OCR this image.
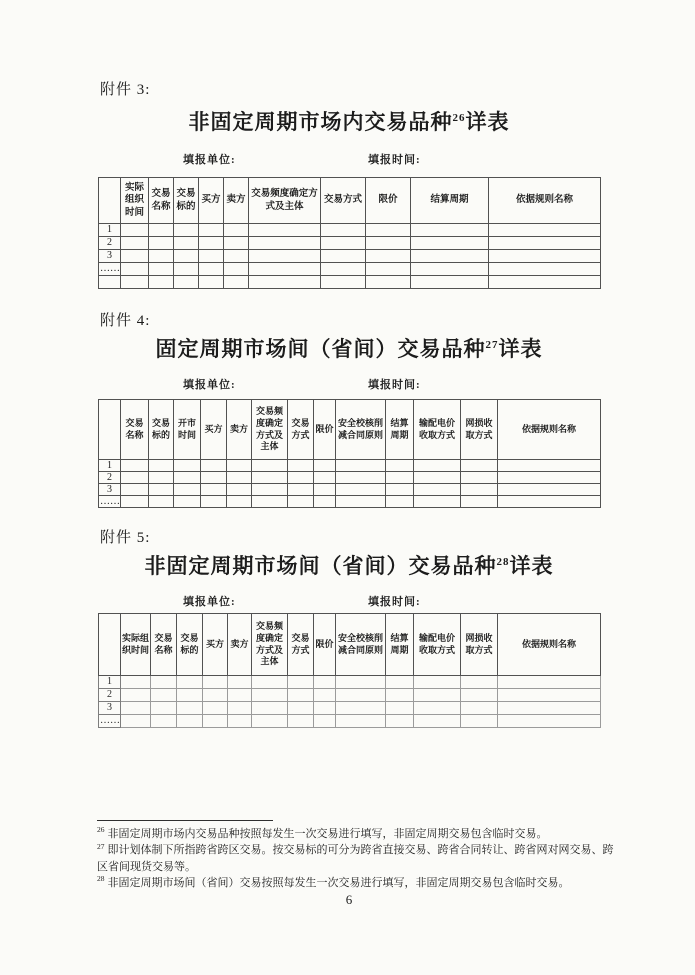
附件 3:
非固定周期市场内交易品种$^{26}$详表
填报单位:	填报时间:
	实际组织时间	交易名称	交易标的	买方	卖方	交易频度确定方式及主体	交易方式	限价	结算周期	依据规则名称
1										
2										
3										
……										

附件 4:
固定周期市场间（省间）交易品种$^{27}$详表
填报单位:	填报时间:
	交易名称	交易标的	开市时间	买方	卖方	交易频度确定方式及主体	交易方式	限价	安全校核削减合同原则	结算周期	输配电价收取方式	网损收取方式	依据规则名称
1													
2													
3													
……													
附件 5:
非固定周期市场间（省间）交易品种$^{28}$详表
填报单位:	填报时间:
	实际组织时间	交易名称	交易标的	买方	卖方	交易频度确定方式及主体	交易方式	限价	安全校核削减合同原则	结算周期	输配电价收取方式	网损收取方式	依据规则名称
1													
2													
3													
……													

$^{26}$ 非固定周期市场内交易品种按照每发生一次交易进行填写，非固定周期交易包含临时交易。

$^{27}$ 即计划体制下所指跨省跨区交易。按交易标的可分为跨省直接交易、跨省合同转让、跨省网对网交易、跨区省间现货交易等。

$^{28}$ 非固定周期市场间（省间）交易按照每发生一次交易进行填写，非固定周期交易包含临时交易。

6
